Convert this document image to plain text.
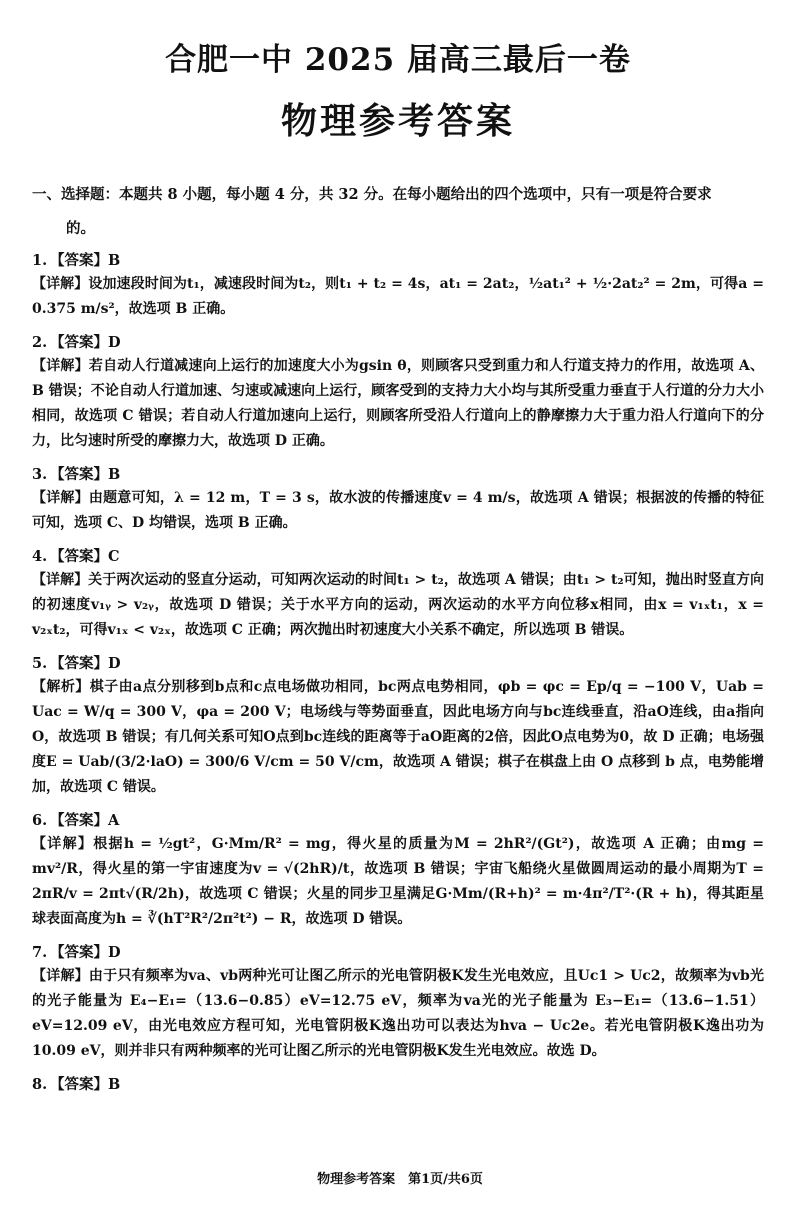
合肥一中 2025 届高三最后一卷
物理参考答案
一、选择题：本题共 8 小题，每小题 4 分，共 32 分。在每小题给出的四个选项中，只有一项是符合要求
的。
1. 【答案】B
【详解】设加速段时间为t₁，减速段时间为t₂，则t₁ + t₂ = 4s，at₁ = 2at₂，½at₁² + ½·2at₂² = 2m，可得a = 0.375 m/s²，故选项 B 正确。
2. 【答案】D
【详解】若自动人行道减速向上运行的加速度大小为gsin θ，则顾客只受到重力和人行道支持力的作用，故选项 A、B 错误；不论自动人行道加速、匀速或减速向上运行，顾客受到的支持力大小均与其所受重力垂直于人行道的分力大小相同，故选项 C 错误；若自动人行道加速向上运行，则顾客所受沿人行道向上的静摩擦力大于重力沿人行道向下的分力，比匀速时所受的摩擦力大，故选项 D 正确。
3. 【答案】B
【详解】由题意可知，λ = 12 m，T = 3 s，故水波的传播速度v = 4 m/s，故选项 A 错误；根据波的传播的特征可知，选项 C、D 均错误，选项 B 正确。
4. 【答案】C
【详解】关于两次运动的竖直分运动，可知两次运动的时间t₁ > t₂，故选项 A 错误；由t₁ > t₂可知，抛出时竖直方向的初速度v₁ᵧ > v₂ᵧ，故选项 D 错误；关于水平方向的运动，两次运动的水平方向位移x相同，由x = v₁ₓt₁，x = v₂ₓt₂，可得v₁ₓ < v₂ₓ，故选项 C 正确；两次抛出时初速度大小关系不确定，所以选项 B 错误。
5. 【答案】D
【解析】棋子由a点分别移到b点和c点电场做功相同，bc两点电势相同，φb = φc = Ep/q = −100 V，Uab = Uac = W/q = 300 V，φa = 200 V；电场线与等势面垂直，因此电场方向与bc连线垂直，沿aO连线，由a指向O，故选项 B 错误；有几何关系可知O点到bc连线的距离等于aO距离的2倍，因此O点电势为0，故 D 正确；电场强度E = Uab/(3/2·laO) = 300/6 V/cm = 50 V/cm，故选项 A 错误；棋子在棋盘上由 O 点移到 b 点，电势能增加，故选项 C 错误。
6. 【答案】A
【详解】根据h = ½gt²，G·Mm/R² = mg，得火星的质量为M = 2hR²/(Gt²)，故选项 A 正确；由mg = mv²/R，得火星的第一宇宙速度为v = √(2hR)/t，故选项 B 错误；宇宙飞船绕火星做圆周运动的最小周期为T = 2πR/v = 2πt√(R/2h)，故选项 C 错误；火星的同步卫星满足G·Mm/(R+h)² = m·4π²/T²·(R + h)，得其距星球表面高度为h = ∛(hT²R²/2π²t²) − R，故选项 D 错误。
7. 【答案】D
【详解】由于只有频率为va、vb两种光可让图乙所示的光电管阴极K发生光电效应，且Uc1 > Uc2，故频率为vb光的光子能量为 E₄−E₁=（13.6−0.85）eV=12.75 eV，频率为va光的光子能量为 E₃−E₁=（13.6−1.51）eV=12.09 eV，由光电效应方程可知，光电管阴极K逸出功可以表达为hva − Uc2e。若光电管阴极K逸出功为10.09 eV，则并非只有两种频率的光可让图乙所示的光电管阴极K发生光电效应。故选 D。
8. 【答案】B
物理参考答案　第1页/共6页
